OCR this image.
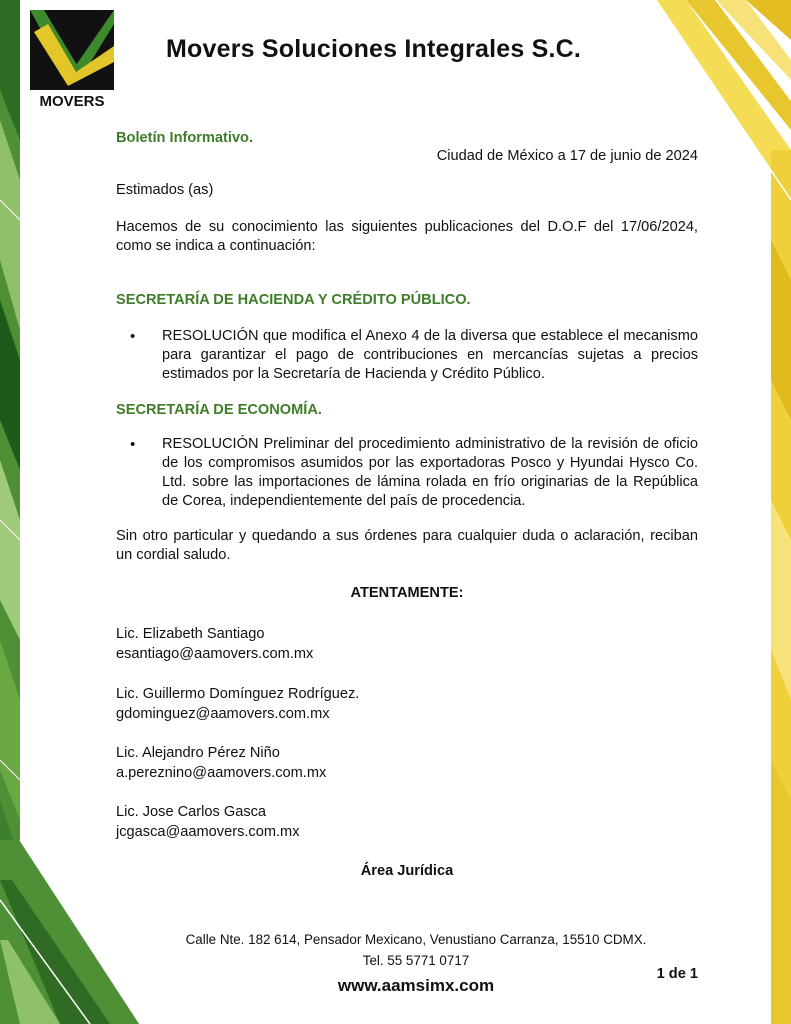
MOVERS
Movers Soluciones Integrales S.C.
Boletín Informativo.
Ciudad de México a 17 de junio de 2024
Estimados (as)
Hacemos de su conocimiento las siguientes publicaciones del D.O.F del 17/06/2024, como se indica a continuación:
SECRETARÍA DE HACIENDA Y CRÉDITO PÚBLICO.
•	RESOLUCIÓN que modifica el Anexo 4 de la diversa que establece el mecanismo para garantizar el pago de contribuciones en mercancías sujetas a precios estimados por la Secretaría de Hacienda y Crédito Público.
SECRETARÍA DE ECONOMÍA.
•	RESOLUCIÓN Preliminar del procedimiento administrativo de la revisión de oficio de los compromisos asumidos por las exportadoras Posco y Hyundai Hysco Co. Ltd. sobre las importaciones de lámina rolada en frío originarias de la República de Corea, independientemente del país de procedencia.
Sin otro particular y quedando a sus órdenes para cualquier duda o aclaración, reciban un cordial saludo.
ATENTAMENTE:
Lic. Elizabeth Santiago
esantiago@aamovers.com.mx
Lic. Guillermo Domínguez Rodríguez.
gdominguez@aamovers.com.mx
Lic. Alejandro Pérez Niño
a.pereznino@aamovers.com.mx
Lic. Jose Carlos Gasca
jcgasca@aamovers.com.mx
Área Jurídica
Calle Nte. 182 614, Pensador Mexicano, Venustiano Carranza, 15510 CDMX.
Tel. 55 5771 0717
www.aamsimx.com
1 de 1
